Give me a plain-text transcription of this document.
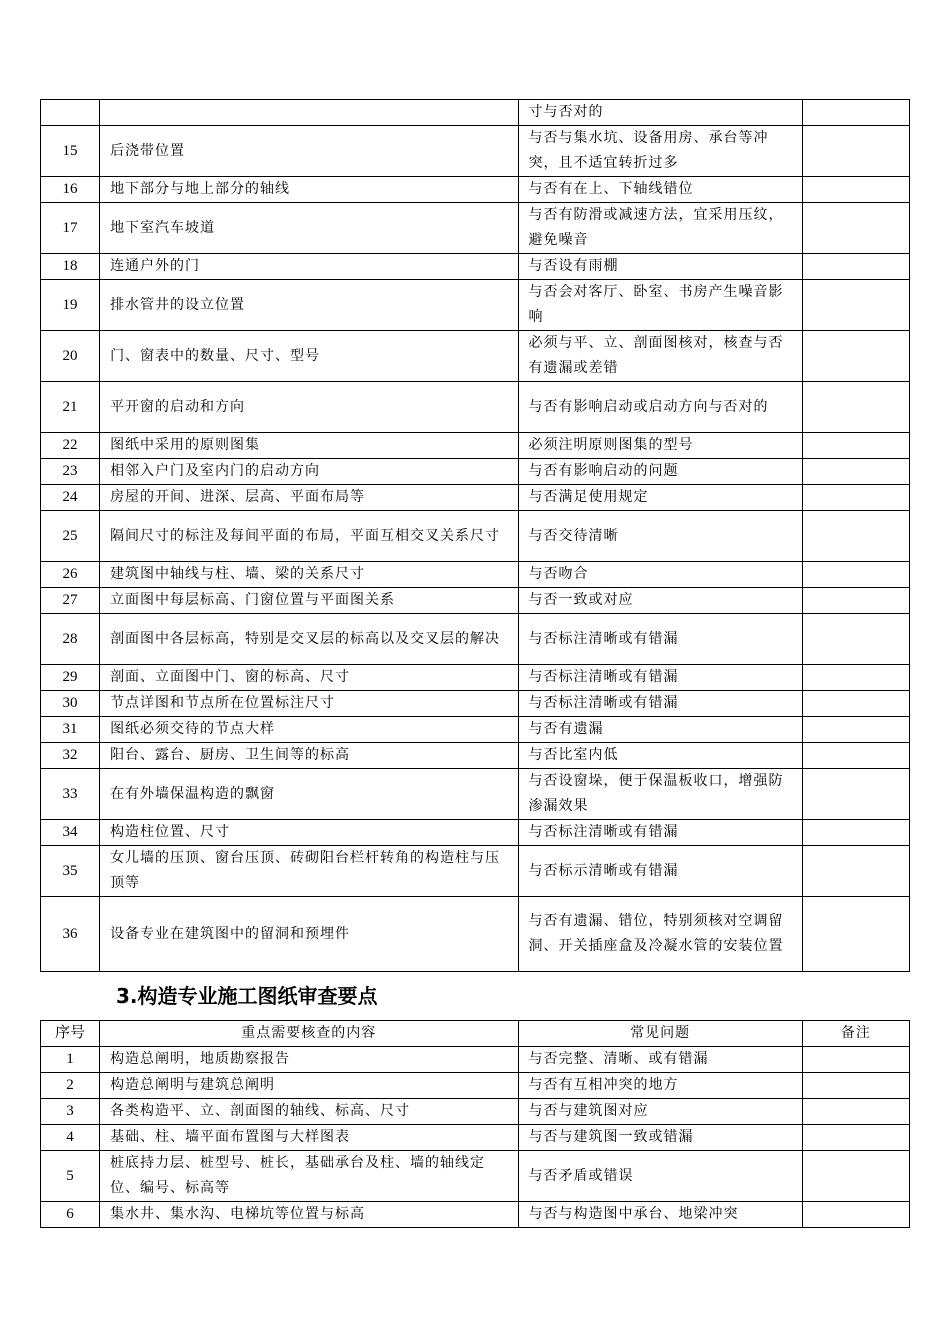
		寸与否对的	
15	后浇带位置	与否与集水坑、设备用房、承台等冲突，且不适宜转折过多	
16	地下部分与地上部分的轴线	与否有在上、下轴线错位	
17	地下室汽车坡道	与否有防滑或减速方法，宜采用压纹，避免噪音	
18	连通户外的门	与否设有雨棚	
19	排水管井的设立位置	与否会对客厅、卧室、书房产生噪音影响	
20	门、窗表中的数量、尺寸、型号	必须与平、立、剖面图核对，核查与否有遗漏或差错	
21	平开窗的启动和方向	与否有影响启动或启动方向与否对的	
22	图纸中采用的原则图集	必须注明原则图集的型号	
23	相邻入户门及室内门的启动方向	与否有影响启动的问题	
24	房屋的开间、进深、层高、平面布局等	与否满足使用规定	
25	隔间尺寸的标注及每间平面的布局，平面互相交叉关系尺寸	与否交待清晰	
26	建筑图中轴线与柱、墙、梁的关系尺寸	与否吻合	
27	立面图中每层标高、门窗位置与平面图关系	与否一致或对应	
28	剖面图中各层标高，特别是交叉层的标高以及交叉层的解决	与否标注清晰或有错漏	
29	剖面、立面图中门、窗的标高、尺寸	与否标注清晰或有错漏	
30	节点详图和节点所在位置标注尺寸	与否标注清晰或有错漏	
31	图纸必须交待的节点大样	与否有遗漏	
32	阳台、露台、厨房、卫生间等的标高	与否比室内低	
33	在有外墙保温构造的飘窗	与否设窗垛，便于保温板收口，增强防渗漏效果	
34	构造柱位置、尺寸	与否标注清晰或有错漏	
35	女儿墙的压顶、窗台压顶、砖砌阳台栏杆转角的构造柱与压顶等	与否标示清晰或有错漏	
36	设备专业在建筑图中的留洞和预埋件	与否有遗漏、错位，特别须核对空调留洞、开关插座盒及冷凝水管的安装位置	
3.构造专业施工图纸审查要点
序号	重点需要核查的内容	常见问题	备注
1	构造总阐明，地质勘察报告	与否完整、清晰、或有错漏	
2	构造总阐明与建筑总阐明	与否有互相冲突的地方	
3	各类构造平、立、剖面图的轴线、标高、尺寸	与否与建筑图对应	
4	基础、柱、墙平面布置图与大样图表	与否与建筑图一致或错漏	
5	桩底持力层、桩型号、桩长，基础承台及柱、墙的轴线定位、编号、标高等	与否矛盾或错误	
6	集水井、集水沟、电梯坑等位置与标高	与否与构造图中承台、地梁冲突	
